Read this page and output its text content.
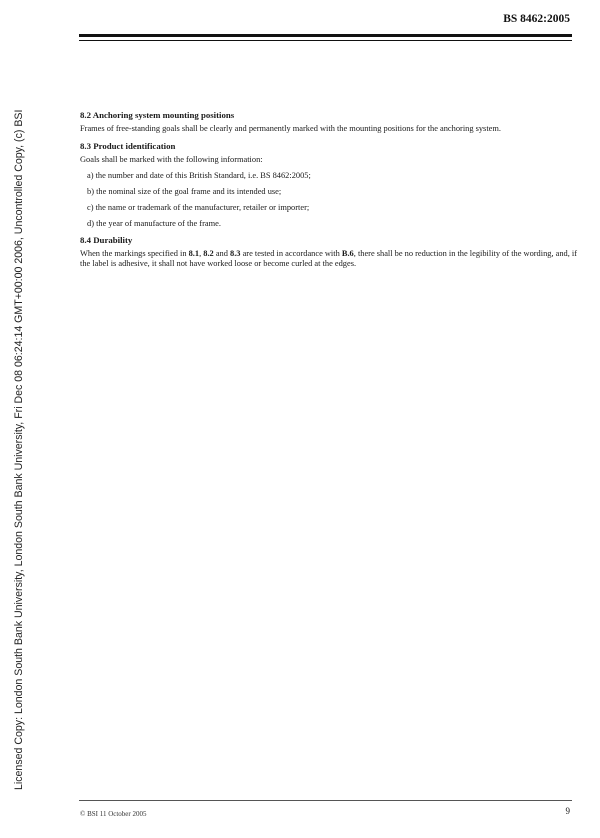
BS 8462:2005
Licensed Copy: London South Bank University, London South Bank University, Fri Dec 08 06:24:14 GMT+00:00 2006, Uncontrolled Copy, (c) BSI	8.2 Anchoring system mounting positions
Frames of free-standing goals shall be clearly and permanently marked with the mounting positions for the anchoring system.
8.3 Product identification
Goals shall be marked with the following information:
a) the number and date of this British Standard, i.e. BS 8462:2005;
b) the nominal size of the goal frame and its intended use;
c) the name or trademark of the manufacturer, retailer or importer;
d) the year of manufacture of the frame.
8.4 Durability
When the markings specified in 8.1, 8.2 and 8.3 are tested in accordance with B.6, there shall be no reduction in the legibility of the wording, and, if the label is adhesive, it shall not have worked loose or become curled at the edges.
© BSI 11 October 2005	9
